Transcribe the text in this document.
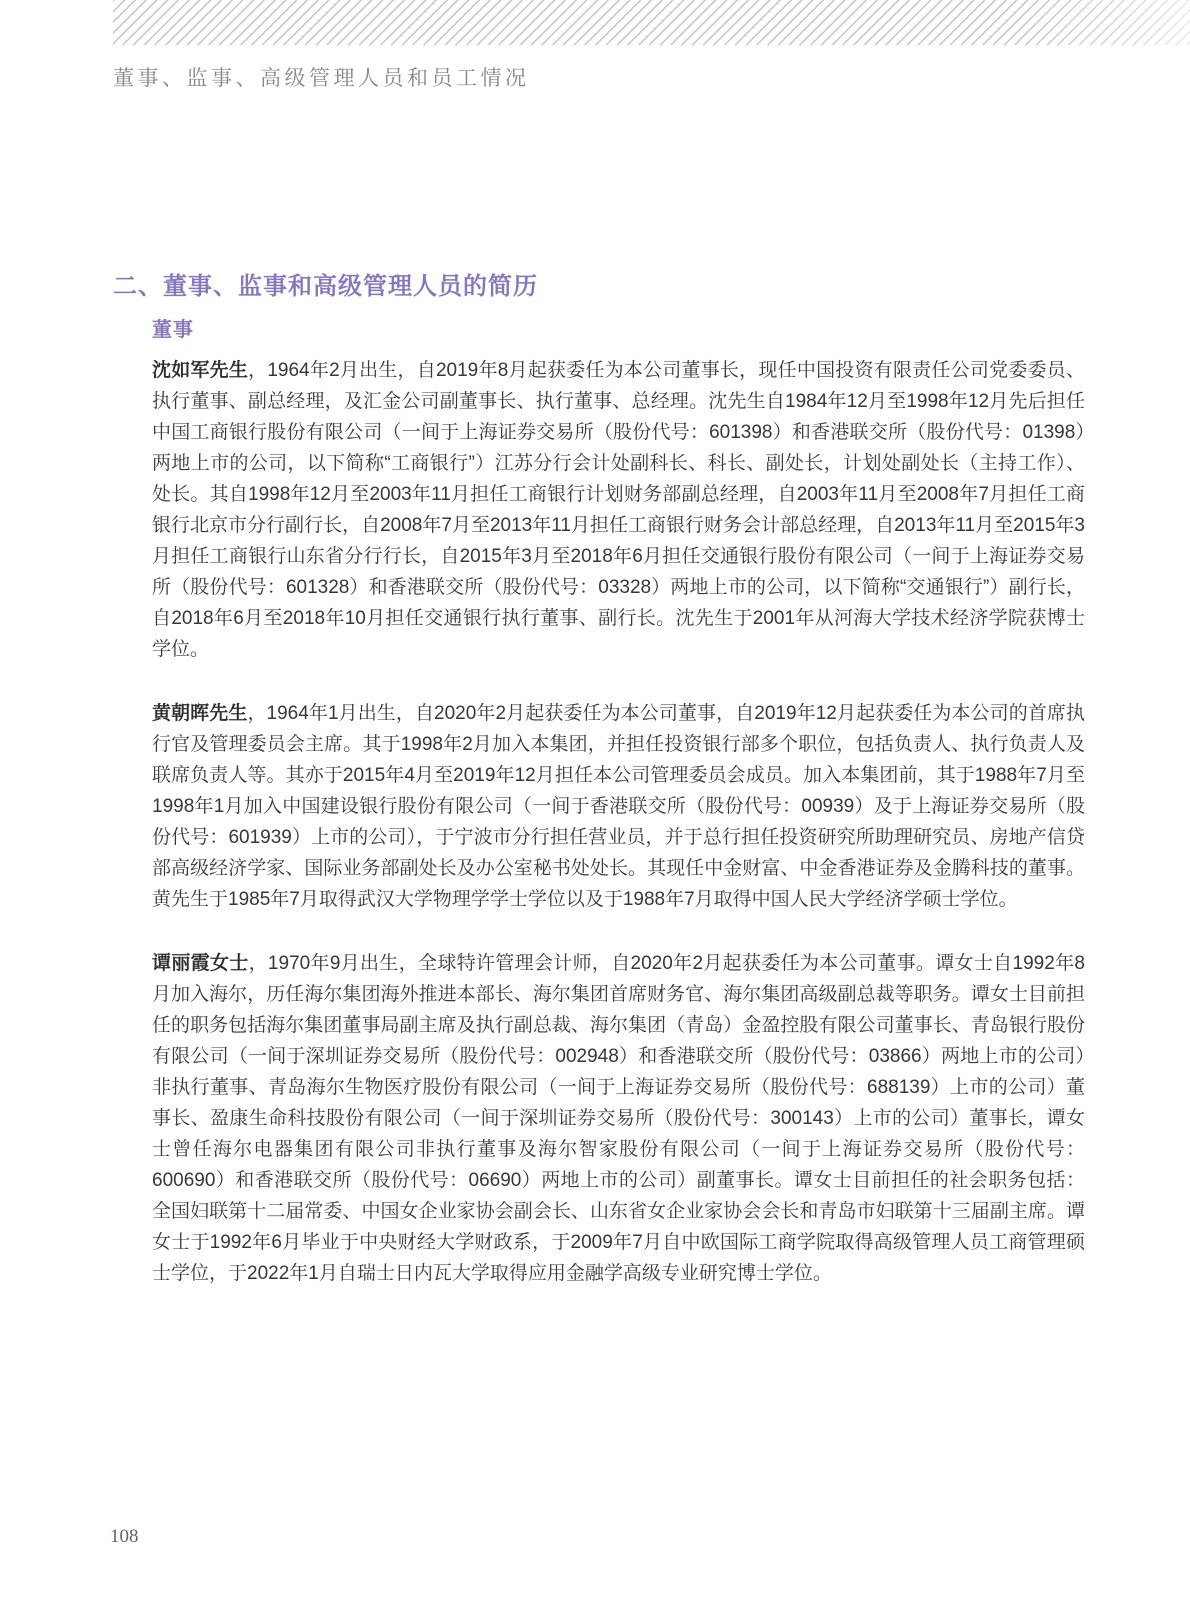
董事、监事、高级管理人员和员工情况
二、董事、监事和高级管理人员的简历
董事

沈如军先生，1964年2月出生，自2019年8月起获委任为本公司董事长，现任中国投资有限责任公司党委委员、执行董事、副总经理，及汇金公司副董事长、执行董事、总经理。沈先生自1984年12月至1998年12月先后担任中国工商银行股份有限公司（一间于上海证券交易所（股份代号：601398）和香港联交所（股份代号：01398）两地上市的公司，以下简称“工商银行”）江苏分行会计处副科长、科长、副处长，计划处副处长（主持工作）、处长。其自1998年12月至2003年11月担任工商银行计划财务部副总经理，自2003年11月至2008年7月担任工商银行北京市分行副行长，自2008年7月至2013年11月担任工商银行财务会计部总经理，自2013年11月至2015年3月担任工商银行山东省分行行长，自2015年3月至2018年6月担任交通银行股份有限公司（一间于上海证券交易所（股份代号：601328）和香港联交所（股份代号：03328）两地上市的公司，以下简称“交通银行”）副行长，自2018年6月至2018年10月担任交通银行执行董事、副行长。沈先生于2001年从河海大学技术经济学院获博士学位。

黄朝晖先生，1964年1月出生，自2020年2月起获委任为本公司董事，自2019年12月起获委任为本公司的首席执行官及管理委员会主席。其于1998年2月加入本集团，并担任投资银行部多个职位，包括负责人、执行负责人及联席负责人等。其亦于2015年4月至2019年12月担任本公司管理委员会成员。加入本集团前，其于1988年7月至1998年1月加入中国建设银行股份有限公司（一间于香港联交所（股份代号：00939）及于上海证券交易所（股份代号：601939）上市的公司），于宁波市分行担任营业员，并于总行担任投资研究所助理研究员、房地产信贷部高级经济学家、国际业务部副处长及办公室秘书处处长。其现任中金财富、中金香港证券及金腾科技的董事。黄先生于1985年7月取得武汉大学物理学学士学位以及于1988年7月取得中国人民大学经济学硕士学位。

谭丽霞女士，1970年9月出生，全球特许管理会计师，自2020年2月起获委任为本公司董事。谭女士自1992年8月加入海尔，历任海尔集团海外推进本部长、海尔集团首席财务官、海尔集团高级副总裁等职务。谭女士目前担任的职务包括海尔集团董事局副主席及执行副总裁、海尔集团（青岛）金盈控股有限公司董事长、青岛银行股份有限公司（一间于深圳证券交易所（股份代号：002948）和香港联交所（股份代号：03866）两地上市的公司）非执行董事、青岛海尔生物医疗股份有限公司（一间于上海证券交易所（股份代号：688139）上市的公司）董事长、盈康生命科技股份有限公司（一间于深圳证券交易所（股份代号：300143）上市的公司）董事长，谭女士曾任海尔电器集团有限公司非执行董事及海尔智家股份有限公司（一间于上海证券交易所（股份代号：600690）和香港联交所（股份代号：06690）两地上市的公司）副董事长。谭女士目前担任的社会职务包括：全国妇联第十二届常委、中国女企业家协会副会长、山东省女企业家协会会长和青岛市妇联第十三届副主席。谭女士于1992年6月毕业于中央财经大学财政系，于2009年7月自中欧国际工商学院取得高级管理人员工商管理硕士学位，于2022年1月自瑞士日内瓦大学取得应用金融学高级专业研究博士学位。

108
